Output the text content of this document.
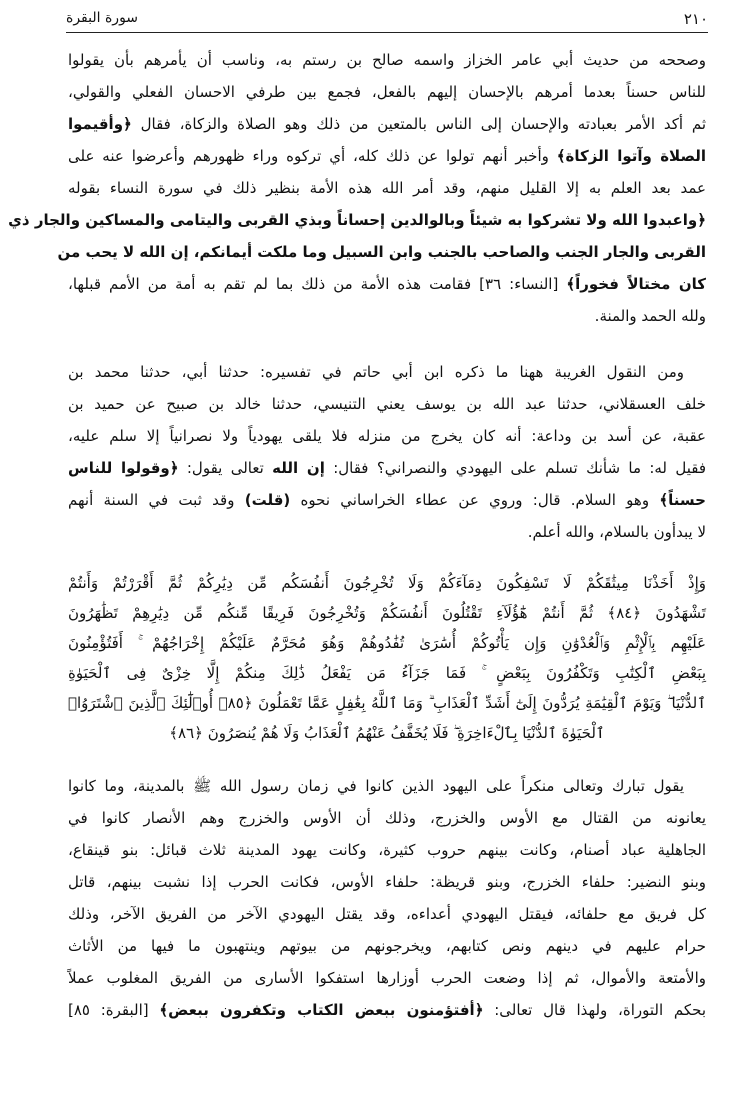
٢١٠
سورة البقرة
وصححه من حديث أبي عامر الخزاز واسمه صالح بن رستم به، وناسب أن يأمرهم بأن يقولوا
للناس حسناً بعدما أمرهم بالإحسان إليهم بالفعل، فجمع بين طرفي الاحسان الفعلي والقولي،
ثم أكد الأمر بعبادته والإحسان إلى الناس بالمتعين من ذلك وهو الصلاة والزكاة، فقال ﴿وأقيموا
الصلاة وآتوا الزكاة﴾ وأخبر أنهم تولوا عن ذلك كله، أي تركوه وراء ظهورهم وأعرضوا عنه على
عمد بعد العلم به إلا القليل منهم، وقد أمر الله هذه الأمة بنظير ذلك في سورة النساء بقوله
﴿واعبدوا الله ولا تشركوا به شيئاً وبالوالدين إحساناً وبذي القربى واليتامى والمساكين والجار ذي
القربى والجار الجنب والصاحب بالجنب وابن السبيل وما ملكت أيمانكم، إن الله لا يحب من
كان مختالاً فخوراً﴾ [النساء: ٣٦] فقامت هذه الأمة من ذلك بما لم تقم به أمة من الأمم قبلها،
ولله الحمد والمنة.
ومن النقول الغريبة ههنا ما ذكره ابن أبي حاتم في تفسيره: حدثنا أبي، حدثنا محمد بن
خلف العسقلاني، حدثنا عبد الله بن يوسف يعني التنيسي، حدثنا خالد بن صبيح عن حميد بن
عقبة، عن أسد بن وداعة: أنه كان يخرج من منزله فلا يلقى يهودياً ولا نصرانياً إلا سلم عليه،
فقيل له: ما شأنك تسلم على اليهودي والنصراني؟ فقال: إن الله تعالى يقول: ﴿وقولوا للناس
حسناً﴾ وهو السلام. قال: وروي عن عطاء الخراساني نحوه (قلت) وقد ثبت في السنة أنهم
لا يبدأون بالسلام، والله أعلم.
وَإِذْ أَخَذْنَا مِيثَٰقَكُمْ لَا تَسْفِكُونَ دِمَآءَكُمْ وَلَا تُخْرِجُونَ أَنفُسَكُم مِّن دِيَٰرِكُمْ ثُمَّ أَقْرَرْتُمْ وَأَنتُمْ
تَشْهَدُونَ ﴿٨٤﴾ ثُمَّ أَنتُمْ هَٰٓؤُلَآءِ تَقْتُلُونَ أَنفُسَكُمْ وَتُخْرِجُونَ فَرِيقًا مِّنكُم مِّن دِيَٰرِهِمْ تَظَٰهَرُونَ
عَلَيْهِم بِٱلْإِثْمِ وَٱلْعُدْوَٰنِ وَإِن يَأْتُوكُمْ أُسَٰرَىٰ تُفَٰدُوهُمْ وَهُوَ مُحَرَّمٌ عَلَيْكُمْ إِخْرَاجُهُمْ ۚ أَفَتُؤْمِنُونَ
بِبَعْضِ ٱلْكِتَٰبِ وَتَكْفُرُونَ بِبَعْضٍ ۚ فَمَا جَزَآءُ مَن يَفْعَلُ ذَٰلِكَ مِنكُمْ إِلَّا خِزْىٌ فِى ٱلْحَيَوٰةِ
ٱلدُّنْيَا ۖ وَيَوْمَ ٱلْقِيَٰمَةِ يُرَدُّونَ إِلَىٰٓ أَشَدِّ ٱلْعَذَابِ ۗ وَمَا ٱللَّهُ بِغَٰفِلٍ عَمَّا تَعْمَلُونَ ﴿٨٥﴾ أُو۟لَٰٓئِكَ ٱلَّذِينَ ٱشْتَرَوُا۟
ٱلْحَيَوٰةَ ٱلدُّنْيَا بِٱلْءَاخِرَةِ ۖ فَلَا يُخَفَّفُ عَنْهُمُ ٱلْعَذَابُ وَلَا هُمْ يُنصَرُونَ ﴿٨٦﴾
يقول تبارك وتعالى منكراً على اليهود الذين كانوا في زمان رسول الله ﷺ بالمدينة، وما كانوا
يعانونه من القتال مع الأوس والخزرج، وذلك أن الأوس والخزرج وهم الأنصار كانوا في
الجاهلية عباد أصنام، وكانت بينهم حروب كثيرة، وكانت يهود المدينة ثلاث قبائل: بنو قينقاع،
وبنو النضير: حلفاء الخزرج، وبنو قريظة: حلفاء الأوس، فكانت الحرب إذا نشبت بينهم، قاتل
كل فريق مع حلفائه، فيقتل اليهودي أعداءه، وقد يقتل اليهودي الآخر من الفريق الآخر، وذلك
حرام عليهم في دينهم ونص كتابهم، ويخرجونهم من بيوتهم وينتهبون ما فيها من الأثاث
والأمتعة والأموال، ثم إذا وضعت الحرب أوزارها استفكوا الأسارى من الفريق المغلوب عملاً
بحكم التوراة، ولهذا قال تعالى: ﴿أفتؤمنون ببعض الكتاب وتكفرون ببعض﴾ [البقرة: ٨٥]
